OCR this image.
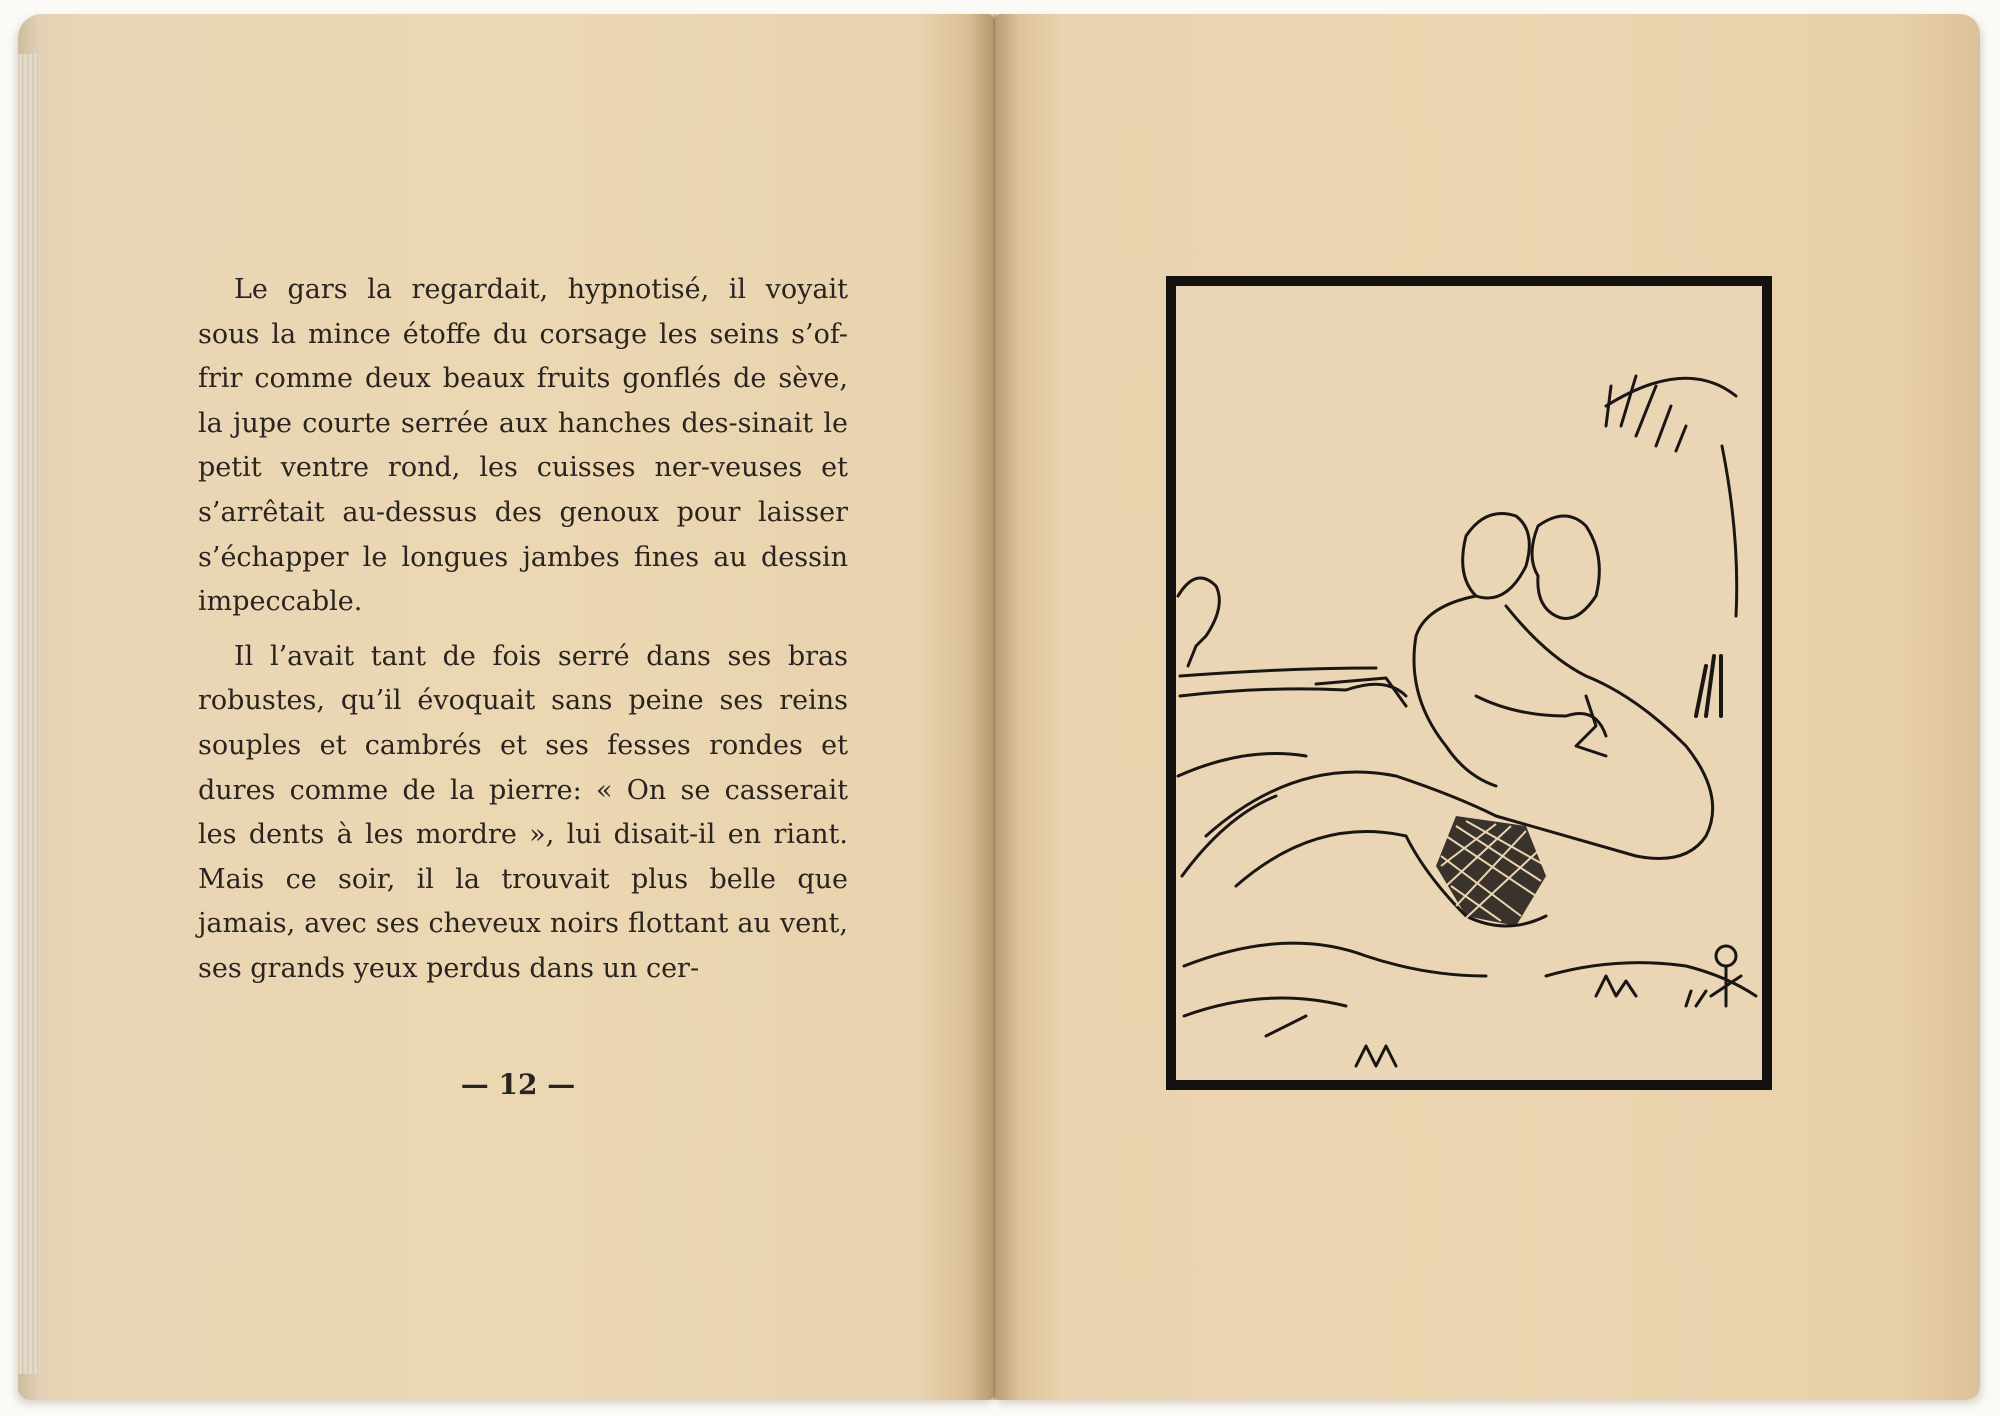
Le gars la regardait, hypnotisé, il voyait sous la mince étoffe du corsage les seins s’of-frir comme deux beaux fruits gonflés de sève, la jupe courte serrée aux hanches des-sinait le petit ventre rond, les cuisses ner-veuses et s’arrêtait au-dessus des genoux pour laisser s’échapper le longues jambes fines au dessin impeccable.

Il l’avait tant de fois serré dans ses bras robustes, qu’il évoquait sans peine ses reins souples et cambrés et ses fesses rondes et dures comme de la pierre: « On se casserait les dents à les mordre », lui disait-il en riant. Mais ce soir, il la trouvait plus belle que jamais, avec ses cheveux noirs flottant au vent, ses grands yeux perdus dans un cer-

— 12 —
